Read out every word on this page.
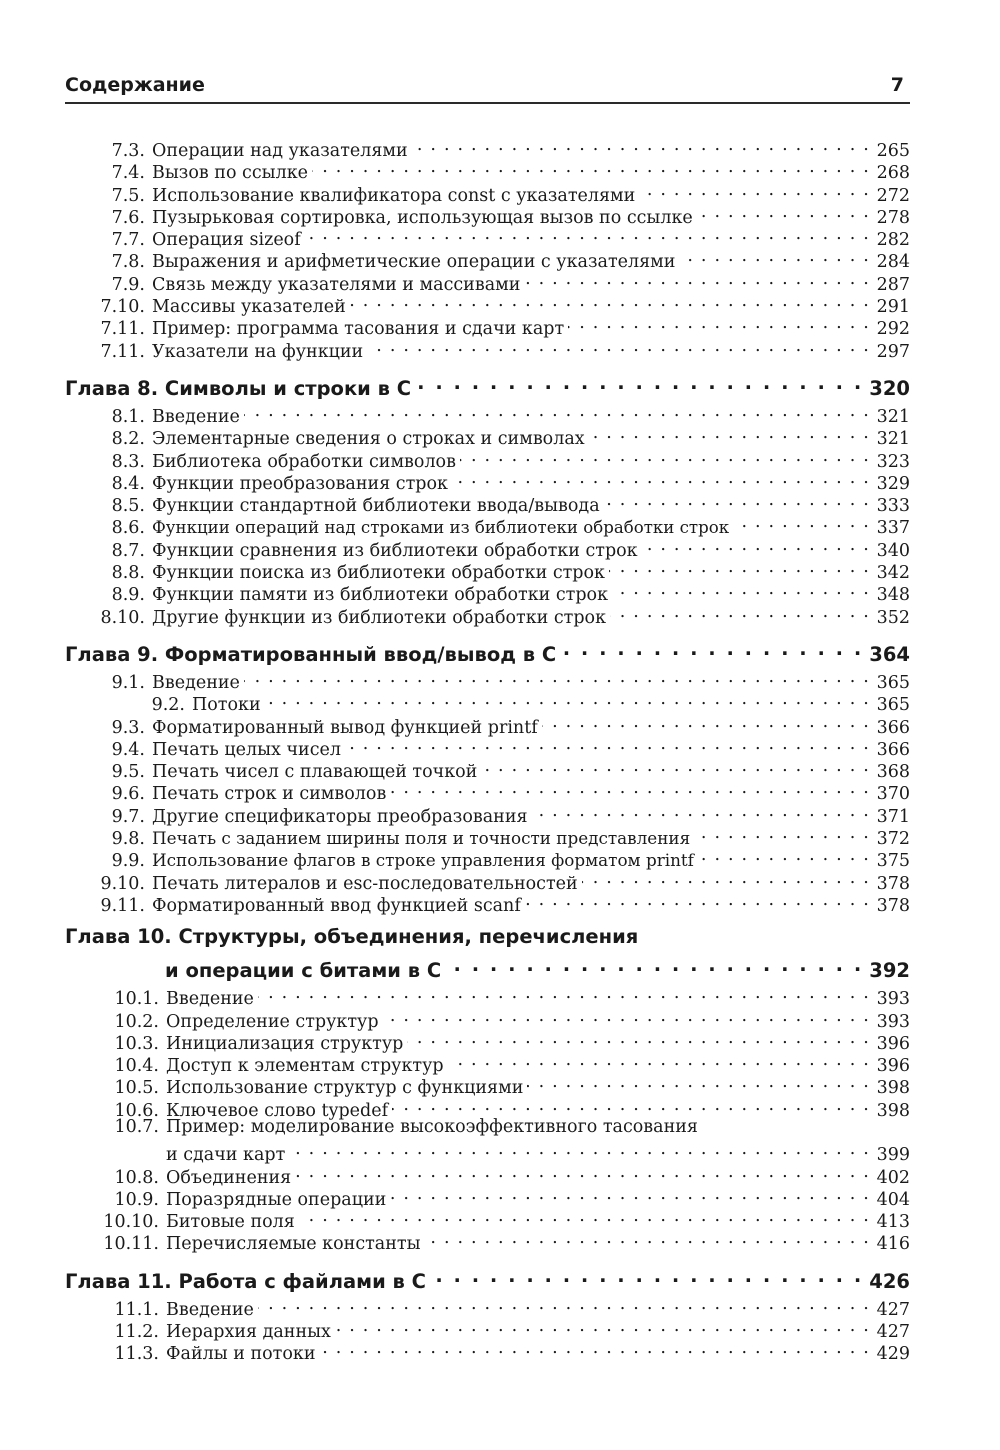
Содержание	7
7.3. Операции над указателями . . .	265
7.4. Вызов по ссылке . . .	268
7.5. Использование квалификатора const с указателями . . .	272
7.6. Пузырьковая сортировка, использующая вызов по ссылке . . .	278
7.7. Операция sizeof . . .	282
7.8. Выражения и арифметические операции с указателями . . .	284
7.9. Связь между указателями и массивами . . .	287
7.10. Массивы указателей . . .	291
7.11. Пример: программа тасования и сдачи карт . . .	292
7.11. Указатели на функции . . .	297
Глава 8. Символы и строки в С . . .	320
8.1. Введение . . .	321
8.2. Элементарные сведения о строках и символах . . .	321
8.3. Библиотека обработки символов . . .	323
8.4. Функции преобразования строк . . .	329
8.5. Функции стандартной библиотеки ввода/вывода . . .	333
8.6. Функции операций над строками из библиотеки обработки строк . . .	337
8.7. Функции сравнения из библиотеки обработки строк . . .	340
8.8. Функции поиска из библиотеки обработки строк . . .	342
8.9. Функции памяти из библиотеки обработки строк . . .	348
8.10. Другие функции из библиотеки обработки строк . . .	352
Глава 9. Форматированный ввод/вывод в С . . .	364
9.1. Введение . . .	365
9.2. Потоки . . .	365
9.3. Форматированный вывод функцией printf . . .	366
9.4. Печать целых чисел . . .	366
9.5. Печать чисел с плавающей точкой . . .	368
9.6. Печать строк и символов . . .	370
9.7. Другие спецификаторы преобразования . . .	371
9.8. Печать с заданием ширины поля и точности представления . . .	372
9.9. Использование флагов в строке управления форматом printf . . .	375
9.10. Печать литералов и esc-последовательностей . . .	378
9.11. Форматированный ввод функцией scanf . . .	378
Глава 10. Структуры, объединения, перечисления
и операции с битами в С . . .	392
10.1. Введение . . .	393
10.2. Определение структур . . .	393
10.3. Инициализация структур . . .	396
10.4. Доступ к элементам структур . . .	396
10.5. Использование структур с функциями . . .	398
10.6. Ключевое слово typedef . . .	398
10.7. Пример: моделирование высокоэффективного тасования
и сдачи карт . . .	399
10.8. Объединения . . .	402
10.9. Поразрядные операции . . .	404
10.10. Битовые поля . . .	413
10.11. Перечисляемые константы . . .	416
Глава 11. Работа с файлами в С . . .	426
11.1. Введение . . .	427
11.2. Иерархия данных . . .	427
11.3. Файлы и потоки . . .	429
